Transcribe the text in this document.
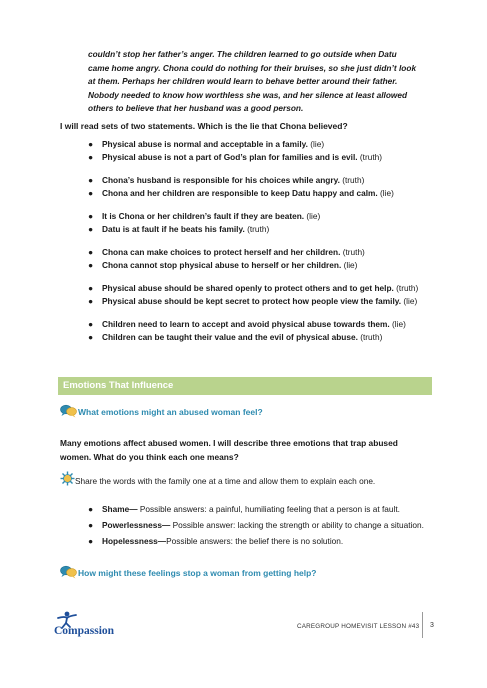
couldn’t stop her father’s anger. The children learned to go outside when Datu

came home angry. Chona could do nothing for their bruises, so she just didn’t look

at them. Perhaps her children would learn to behave better around their father.

Nobody needed to know how worthless she was, and her silence at least allowed

others to believe that her husband was a good person.

I will read sets of two statements. Which is the lie that Chona believed?
● Physical abuse is normal and acceptable in a family. (lie)
● Physical abuse is not a part of God’s plan for families and is evil. (truth)
● Chona’s husband is responsible for his choices while angry. (truth)
● Chona and her children are responsible to keep Datu happy and calm. (lie)
● It is Chona or her children’s fault if they are beaten. (lie)
● Datu is at fault if he beats his family. (truth)
● Chona can make choices to protect herself and her children. (truth)
● Chona cannot stop physical abuse to herself or her children. (lie)
● Physical abuse should be shared openly to protect others and to get help. (truth)
● Physical abuse should be kept secret to protect how people view the family. (lie)
● Children need to learn to accept and avoid physical abuse towards them. (lie)
● Children can be taught their value and the evil of physical abuse. (truth)
Emotions That Influence
What emotions might an abused woman feel?
Many emotions affect abused women. I will describe three emotions that trap abused
women. What do you think each one means?
Share the words with the family one at a time and allow them to explain each one.
● Shame— Possible answers: a painful, humiliating feeling that a person is at fault.
● Powerlessness— Possible answer: lacking the strength or ability to change a situation.
● Hopelessness—Possible answers: the belief there is no solution.
How might these feelings stop a woman from getting help?
Compassion	CAREGROUP HOMEVISIT LESSON #43 3
